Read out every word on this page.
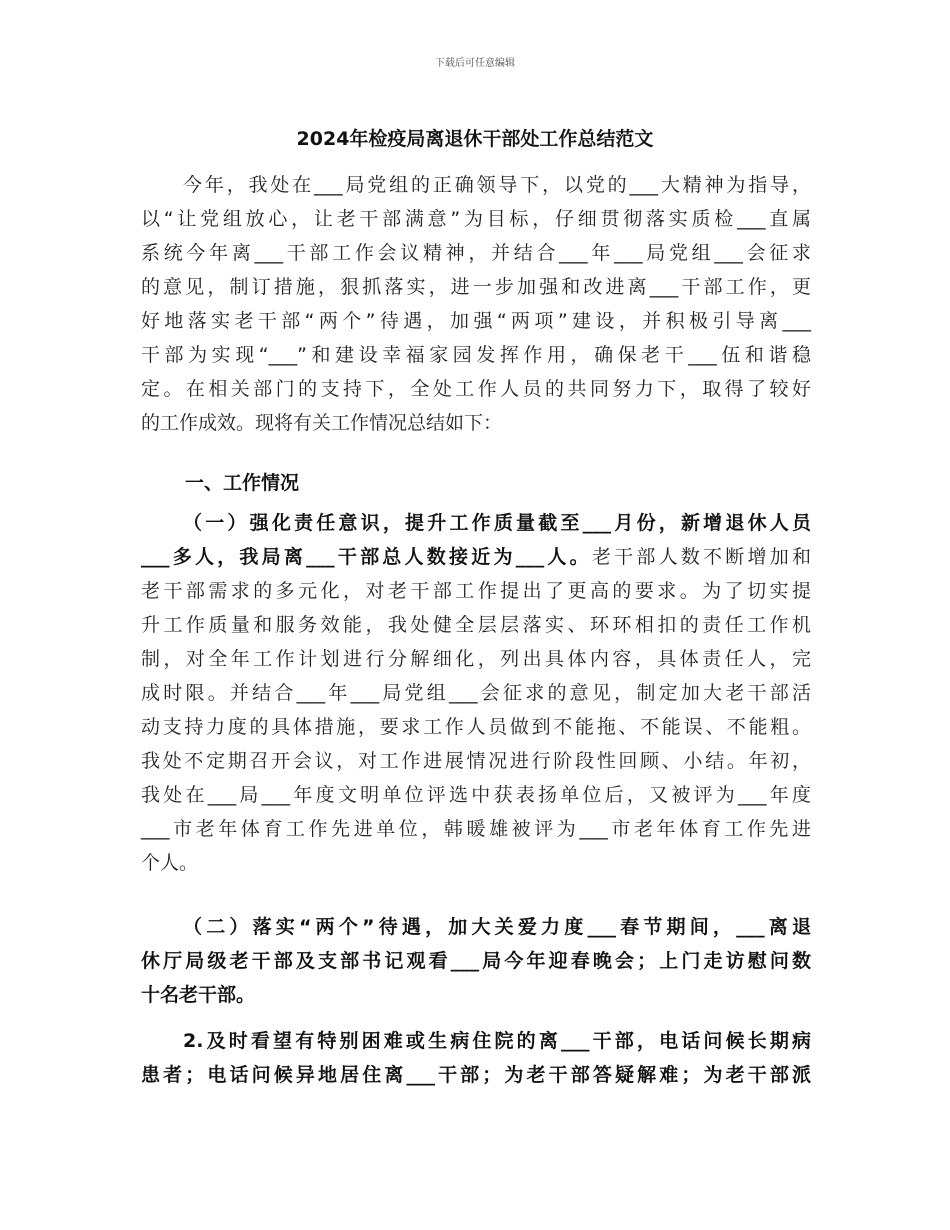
下载后可任意编辑
2024年检疫局离退休干部处工作总结范文
今年，我处在___局党组的正确领导下，以党的___大精神为指导，
以“让党组放心，让老干部满意”为目标，仔细贯彻落实质检___直属
系统今年离___干部工作会议精神，并结合___年___局党组___会征求
的意见，制订措施，狠抓落实，进一步加强和改进离___干部工作，更
好地落实老干部“两个”待遇，加强“两项”建设，并积极引导离___
干部为实现“___”和建设幸福家园发挥作用，确保老干___伍和谐稳
定。在相关部门的支持下，全处工作人员的共同努力下，取得了较好
的工作成效。现将有关工作情况总结如下：
一、工作情况
（一）强化责任意识，提升工作质量截至___月份，新增退休人员
___多人，我局离___干部总人数接近为___人。老干部人数不断增加和
老干部需求的多元化，对老干部工作提出了更高的要求。为了切实提
升工作质量和服务效能，我处健全层层落实、环环相扣的责任工作机
制，对全年工作计划进行分解细化，列出具体内容，具体责任人，完
成时限。并结合___年___局党组___会征求的意见，制定加大老干部活
动支持力度的具体措施，要求工作人员做到不能拖、不能误、不能粗。
我处不定期召开会议，对工作进展情况进行阶段性回顾、小结。年初，
我处在___局___年度文明单位评选中获表扬单位后，又被评为___年度
___市老年体育工作先进单位，韩暖雄被评为___市老年体育工作先进
个人。
（二）落实“两个”待遇，加大关爱力度___春节期间，___离退
休厅局级老干部及支部书记观看___局今年迎春晚会；上门走访慰问数
十名老干部。
2.及时看望有特别困难或生病住院的离___干部，电话问候长期病
患者；电话问候异地居住离___干部；为老干部答疑解难；为老干部派
